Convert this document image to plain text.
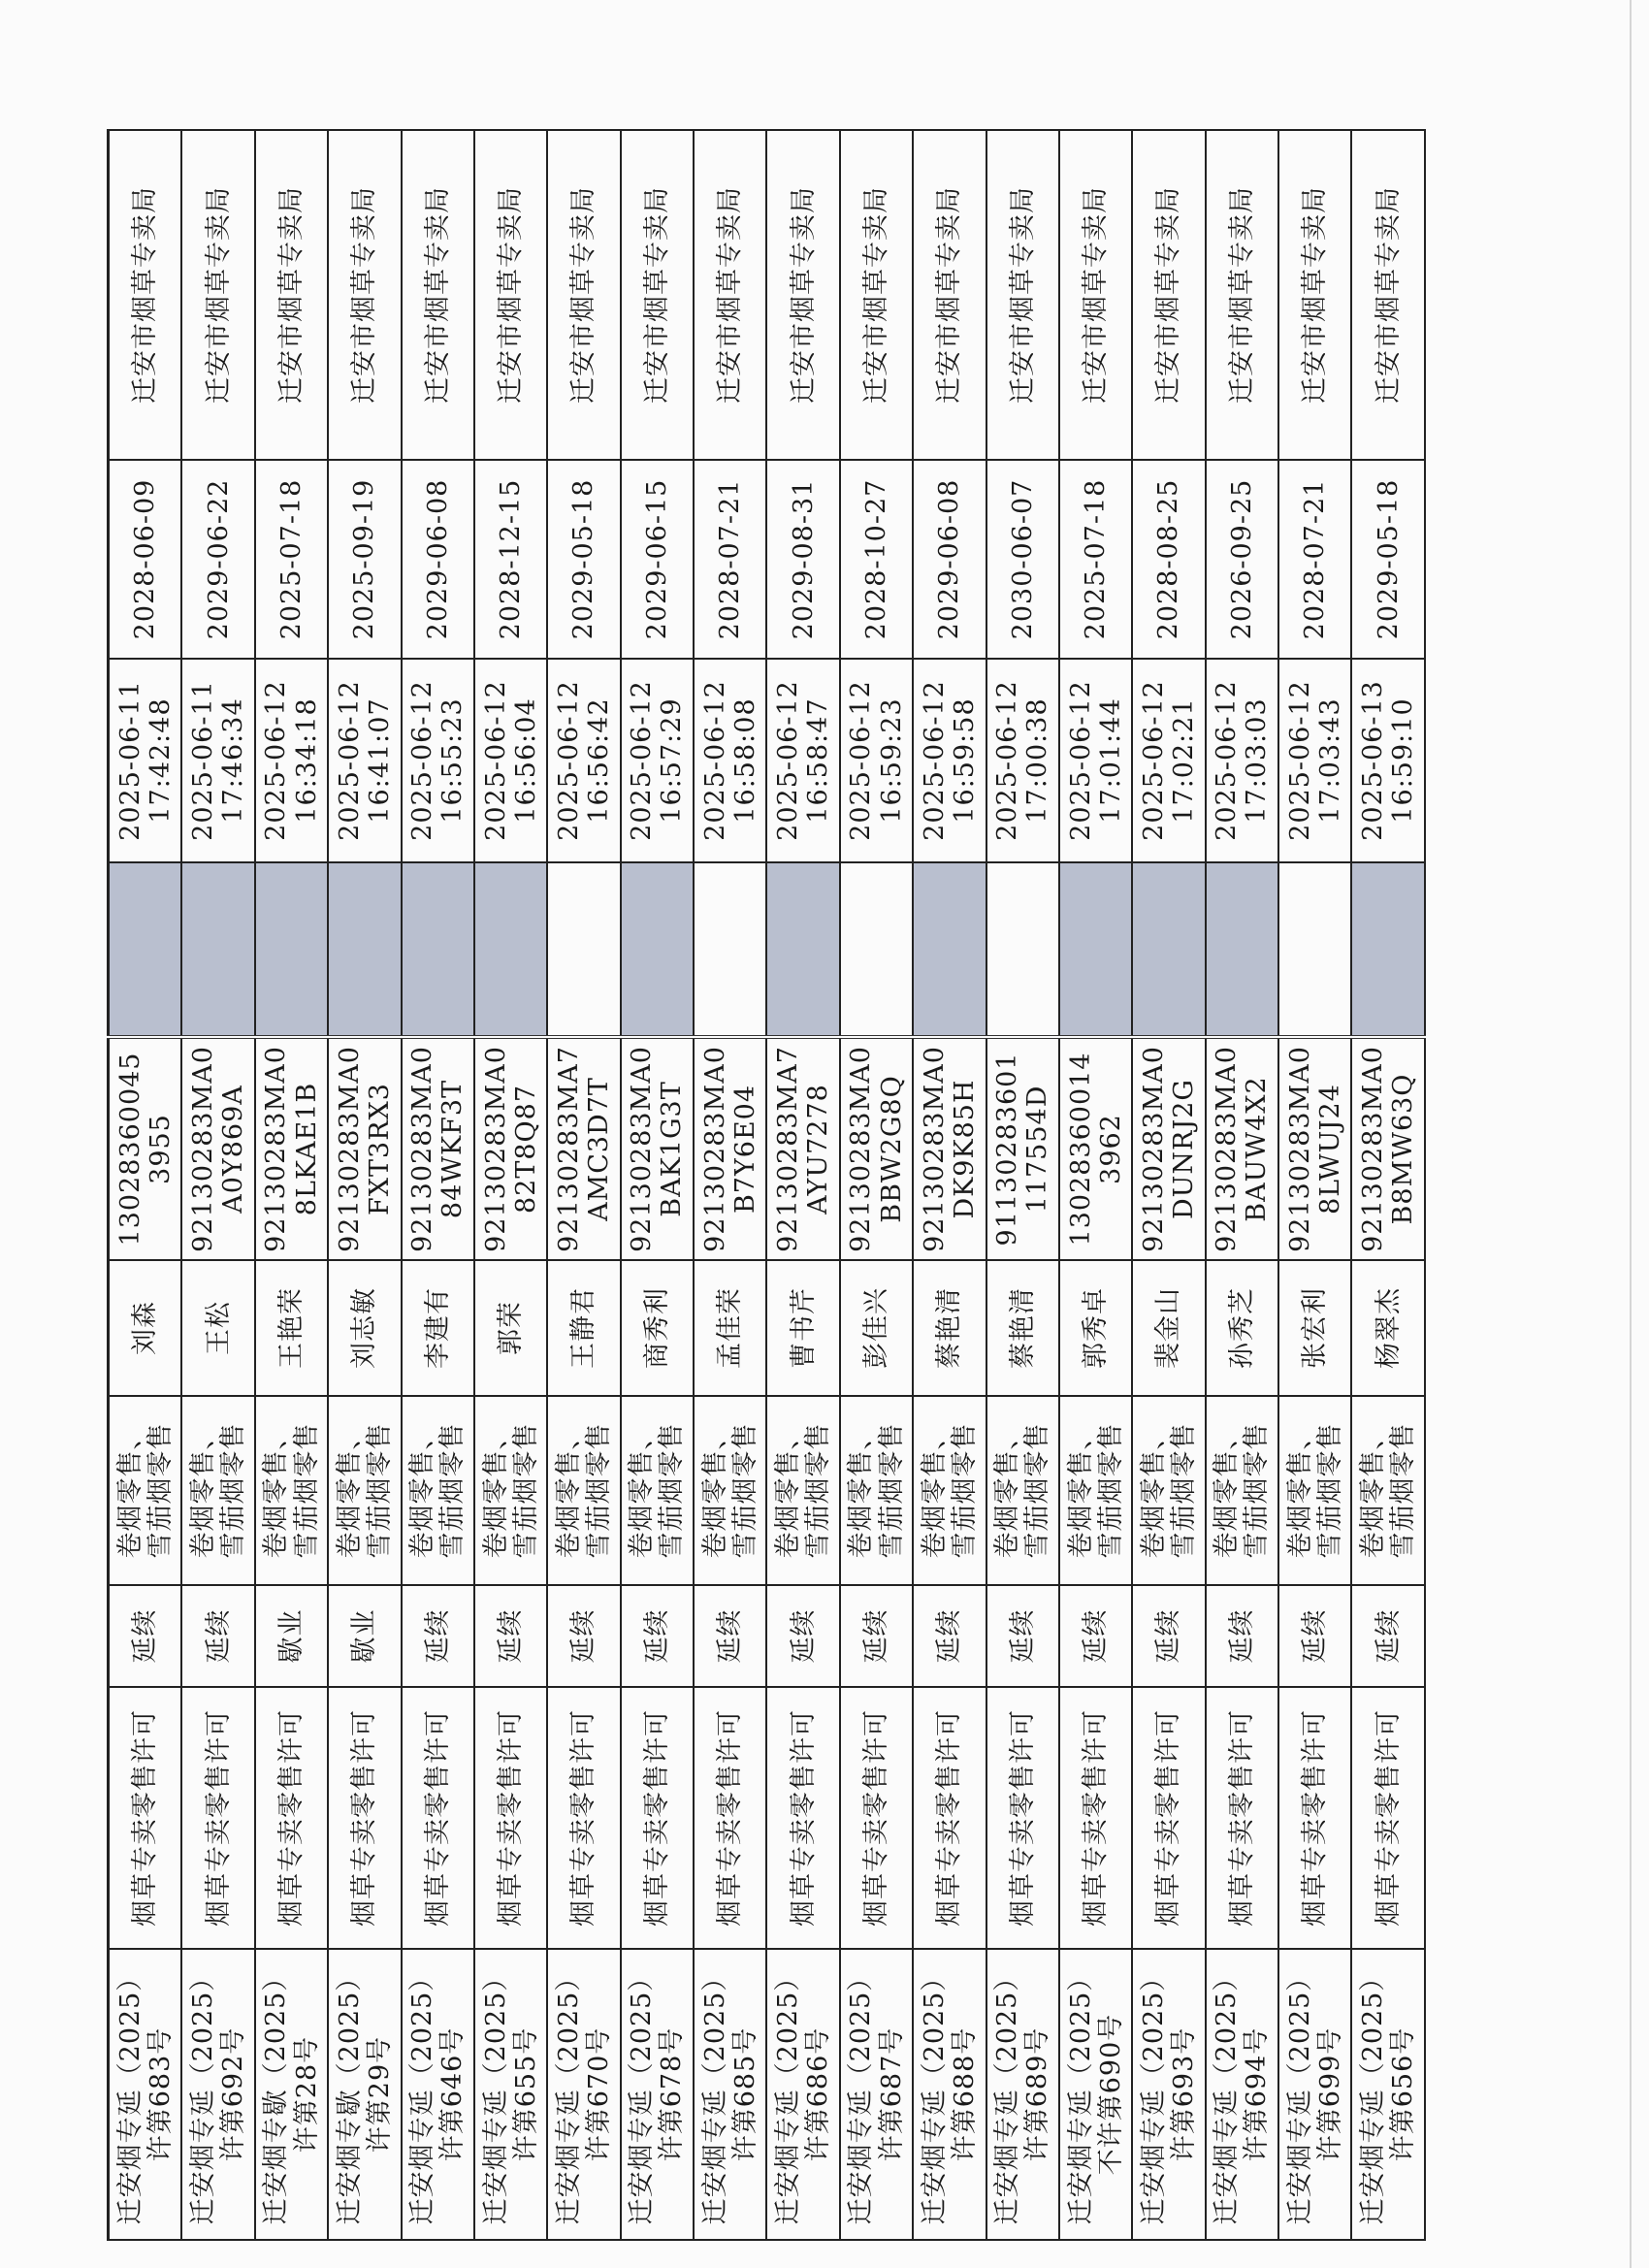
迁安烟专延（2025） 许第683号	烟草专卖零售许可	延续	卷烟零售、 雪茄烟零售	刘森	13028360045 3955		2025-06-11 17:42:48	2028-06-09	迁安市烟草专卖局

迁安烟专延（2025） 许第692号	烟草专卖零售许可	延续	卷烟零售、 雪茄烟零售	王松	92130283MA0 A0Y869A		2025-06-11 17:46:34	2029-06-22	迁安市烟草专卖局

迁安烟专歇（2025） 许第28号	烟草专卖零售许可	歇业	卷烟零售、 雪茄烟零售	王艳荣	92130283MA0 8LKAE1B		2025-06-12 16:34:18	2025-07-18	迁安市烟草专卖局

迁安烟专歇（2025） 许第29号	烟草专卖零售许可	歇业	卷烟零售、 雪茄烟零售	刘志敏	92130283MA0 FXT3RX3		2025-06-12 16:41:07	2025-09-19	迁安市烟草专卖局

迁安烟专延（2025） 许第646号	烟草专卖零售许可	延续	卷烟零售、 雪茄烟零售	李建有	92130283MA0 84WKF3T		2025-06-12 16:55:23	2029-06-08	迁安市烟草专卖局

迁安烟专延（2025） 许第655号	烟草专卖零售许可	延续	卷烟零售、 雪茄烟零售	郭荣	92130283MA0 82T8Q87		2025-06-12 16:56:04	2028-12-15	迁安市烟草专卖局

迁安烟专延（2025） 许第670号	烟草专卖零售许可	延续	卷烟零售、 雪茄烟零售	王静君	92130283MA7 AMC3D7T		2025-06-12 16:56:42	2029-05-18	迁安市烟草专卖局

迁安烟专延（2025） 许第678号	烟草专卖零售许可	延续	卷烟零售、 雪茄烟零售	商秀利	92130283MA0 BAK1G3T		2025-06-12 16:57:29	2029-06-15	迁安市烟草专卖局

迁安烟专延（2025） 许第685号	烟草专卖零售许可	延续	卷烟零售、 雪茄烟零售	孟佳荣	92130283MA0 B7Y6E04		2025-06-12 16:58:08	2028-07-21	迁安市烟草专卖局

迁安烟专延（2025） 许第686号	烟草专卖零售许可	延续	卷烟零售、 雪茄烟零售	曹书芹	92130283MA7 AYU7278		2025-06-12 16:58:47	2029-08-31	迁安市烟草专卖局

迁安烟专延（2025） 许第687号	烟草专卖零售许可	延续	卷烟零售、 雪茄烟零售	彭佳兴	92130283MA0 BBW2G8Q		2025-06-12 16:59:23	2028-10-27	迁安市烟草专卖局

迁安烟专延（2025） 许第688号	烟草专卖零售许可	延续	卷烟零售、 雪茄烟零售	蔡艳清	92130283MA0 DK9K85H		2025-06-12 16:59:58	2029-06-08	迁安市烟草专卖局

迁安烟专延（2025） 许第689号	烟草专卖零售许可	延续	卷烟零售、 雪茄烟零售	蔡艳清	91130283601 117554D		2025-06-12 17:00:38	2030-06-07	迁安市烟草专卖局

迁安烟专延（2025） 不许第690号	烟草专卖零售许可	延续	卷烟零售、 雪茄烟零售	郭秀卓	13028360014 3962		2025-06-12 17:01:44	2025-07-18	迁安市烟草专卖局

迁安烟专延（2025） 许第693号	烟草专卖零售许可	延续	卷烟零售、 雪茄烟零售	裴金山	92130283MA0 DUNRJ2G		2025-06-12 17:02:21	2028-08-25	迁安市烟草专卖局

迁安烟专延（2025） 许第694号	烟草专卖零售许可	延续	卷烟零售、 雪茄烟零售	孙秀芝	92130283MA0 BAUW4X2		2025-06-12 17:03:03	2026-09-25	迁安市烟草专卖局

迁安烟专延（2025） 许第699号	烟草专卖零售许可	延续	卷烟零售、 雪茄烟零售	张宏利	92130283MA0 8LWUJ24		2025-06-12 17:03:43	2028-07-21	迁安市烟草专卖局

迁安烟专延（2025） 许第656号	烟草专卖零售许可	延续	卷烟零售、 雪茄烟零售	杨翠杰	92130283MA0 B8MW63Q		2025-06-13 16:59:10	2029-05-18	迁安市烟草专卖局
